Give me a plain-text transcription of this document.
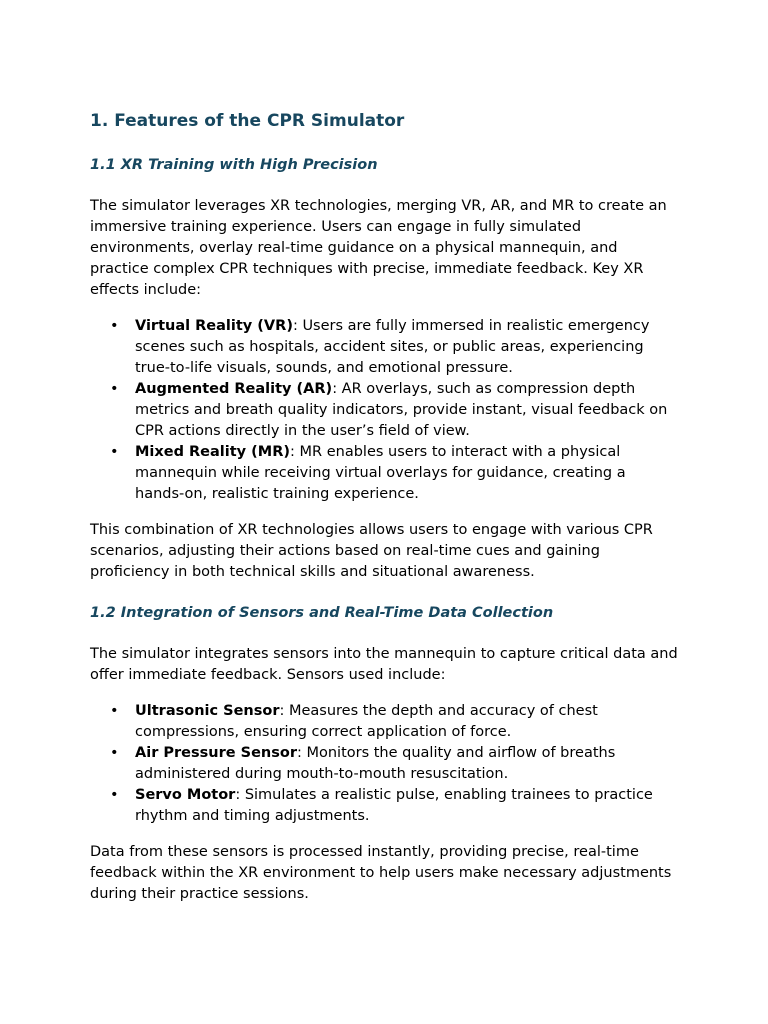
1. Features of the CPR Simulator
1.1 XR Training with High Precision

The simulator leverages XR technologies, merging VR, AR, and MR to create an immersive training experience. Users can engage in fully simulated environments, overlay real-time guidance on a physical mannequin, and practice complex CPR techniques with precise, immediate feedback. Key XR effects include:

• Virtual Reality (VR): Users are fully immersed in realistic emergency scenes such as hospitals, accident sites, or public areas, experiencing true-to-life visuals, sounds, and emotional pressure.
• Augmented Reality (AR): AR overlays, such as compression depth metrics and breath quality indicators, provide instant, visual feedback on CPR actions directly in the user’s field of view.
• Mixed Reality (MR): MR enables users to interact with a physical mannequin while receiving virtual overlays for guidance, creating a hands-on, realistic training experience.

This combination of XR technologies allows users to engage with various CPR scenarios, adjusting their actions based on real-time cues and gaining proficiency in both technical skills and situational awareness.

1.2 Integration of Sensors and Real-Time Data Collection

The simulator integrates sensors into the mannequin to capture critical data and offer immediate feedback. Sensors used include:

• Ultrasonic Sensor: Measures the depth and accuracy of chest compressions, ensuring correct application of force.
• Air Pressure Sensor: Monitors the quality and airflow of breaths administered during mouth-to-mouth resuscitation.
• Servo Motor: Simulates a realistic pulse, enabling trainees to practice rhythm and timing adjustments.

Data from these sensors is processed instantly, providing precise, real-time feedback within the XR environment to help users make necessary adjustments during their practice sessions.
